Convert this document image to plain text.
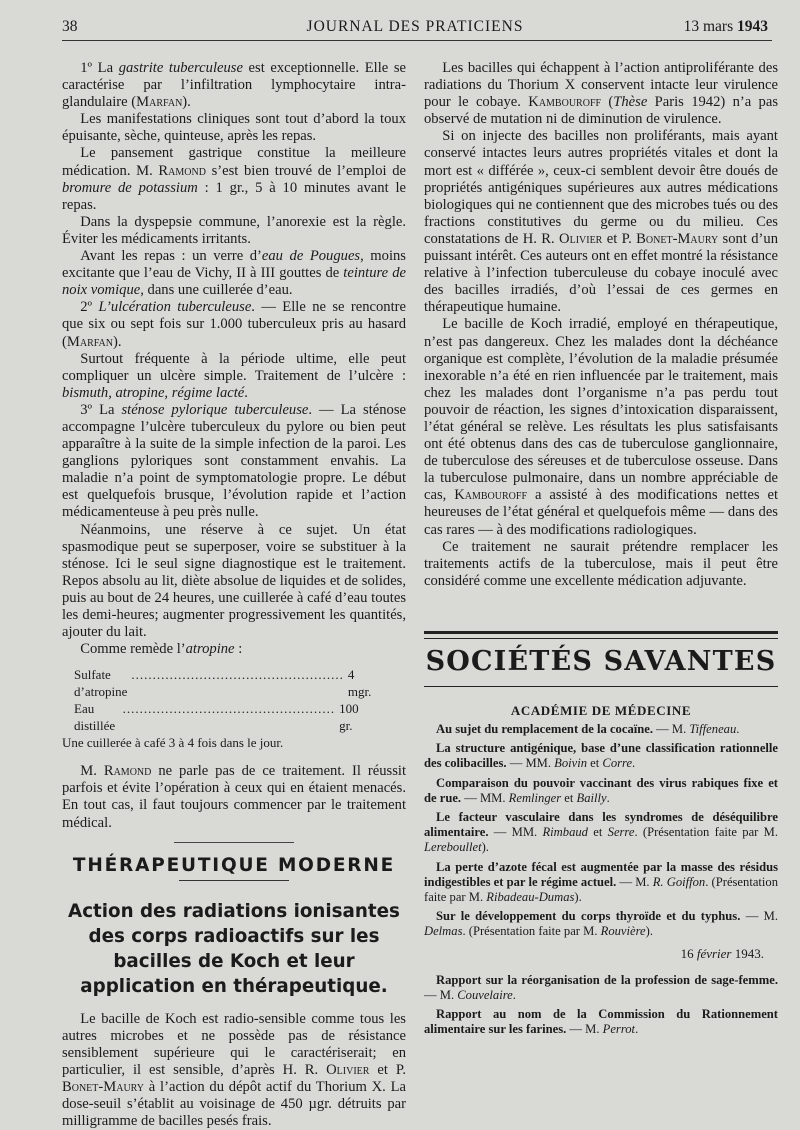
38	JOURNAL DES PRATICIENS	13 mars 1943

1º La gastrite tuberculeuse est exceptionnelle. Elle se caractérise par l’infiltration lymphocytaire intra-glandulaire (Marfan).

Les manifestations cliniques sont tout d’abord la toux épuisante, sèche, quinteuse, après les repas.

Le pansement gastrique constitue la meilleure médication. M. Ramond s’est bien trouvé de l’emploi de bromure de potassium : 1 gr., 5 à 10 minutes avant le repas.

Dans la dyspepsie commune, l’anorexie est la règle. Éviter les médicaments irritants.

Avant les repas : un verre d’eau de Pougues, moins excitante que l’eau de Vichy, II à III gouttes de teinture de noix vomique, dans une cuillerée d’eau.

2º L’ulcération tuberculeuse. — Elle ne se rencontre que six ou sept fois sur 1.000 tuberculeux pris au hasard (Marfan).

Surtout fréquente à la période ultime, elle peut compliquer un ulcère simple. Traitement de l’ulcère : bismuth, atropine, régime lacté.

3º La sténose pylorique tuberculeuse. — La sténose accompagne l’ulcère tuberculeux du pylore ou bien peut apparaître à la suite de la simple infection de la paroi. Les ganglions pyloriques sont constamment envahis. La maladie n’a point de symptomatologie propre. Le début est quelquefois brusque, l’évolution rapide et l’action médicamenteuse à peu près nulle.

Néanmoins, une réserve à ce sujet. Un état spasmodique peut se superposer, voire se substituer à la sténose. Ici le seul signe diagnostique est le traitement. Repos absolu au lit, diète absolue de liquides et de solides, puis au bout de 24 heures, une cuillerée à café d’eau toutes les demi-heures; augmenter progressivement les quantités, ajouter du lait.

Comme remède l’atropine :

Sulfate d’atropine
.................................................. 4 mgr.
Eau distillée
.................................................. 100 gr.
Une cuillerée à café 3 à 4 fois dans le jour.

M. Ramond ne parle pas de ce traitement. Il réussit parfois et évite l’opération à ceux qui en étaient menacés. En tout cas, il faut toujours commencer par le traitement médical.

THÉRAPEUTIQUE MODERNE
Action des radiations ionisantes des corps radioactifs sur les bacilles de Koch et leur application en thérapeutique.

Le bacille de Koch est radio-sensible comme tous les autres microbes et ne possède pas de résistance sensiblement supérieure qui le caractériserait; en particulier, il est sensible, d’après H. R. Olivier et P. Bonet-Maury à l’action du dépôt actif du Thorium X. La dose-seuil s’établit au voisinage de 450 µgr. détruits par milligramme de bacilles pesés frais.

Les bacilles qui échappent à l’action antiproliférante des radiations du Thorium X conservent intacte leur virulence pour le cobaye. Kambouroff (Thèse Paris 1942) n’a pas observé de mutation ni de diminution de virulence.

Si on injecte des bacilles non proliférants, mais ayant conservé intactes leurs autres propriétés vitales et dont la mort est « différée », ceux-ci semblent devoir être doués de propriétés antigéniques supérieures aux autres médications biologiques qui ne contiennent que des microbes tués ou des fractions constitutives du germe ou du milieu. Ces constatations de H. R. Olivier et P. Bonet-Maury sont d’un puissant intérêt. Ces auteurs ont en effet montré la résistance relative à l’infection tuberculeuse du cobaye inoculé avec des bacilles irradiés, d’où l’essai de ces germes en thérapeutique humaine.

Le bacille de Koch irradié, employé en thérapeutique, n’est pas dangereux. Chez les malades dont la déchéance organique est complète, l’évolution de la maladie présumée inexorable n’a été en rien influencée par le traitement, mais chez les malades dont l’organisme n’a pas perdu tout pouvoir de réaction, les signes d’intoxication disparaissent, l’état général se relève. Les résultats les plus satisfaisants ont été obtenus dans des cas de tuberculose ganglionnaire, de tuberculose des séreuses et de tuberculose osseuse. Dans la tuberculose pulmonaire, dans un nombre appréciable de cas, Kambouroff a assisté à des modifications nettes et heureuses de l’état général et quelquefois même — dans des cas rares — à des modifications radiologiques.

Ce traitement ne saurait prétendre remplacer les traitements actifs de la tuberculose, mais il peut être considéré comme une excellente médication adjuvante.

SOCIÉTÉS SAVANTES
ACADÉMIE DE MÉDECINE
Au sujet du remplacement de la cocaïne. — M. Tiffeneau.
La structure antigénique, base d’une classification rationnelle des colibacilles. — MM. Boivin et Corre.
Comparaison du pouvoir vaccinant des virus rabiques fixe et de rue. — MM. Remlinger et Bailly.
Le facteur vasculaire dans les syndromes de déséquilibre alimentaire. — MM. Rimbaud et Serre. (Présentation faite par M. Lereboullet).
La perte d’azote fécal est augmentée par la masse des résidus indigestibles et par le régime actuel. — M. R. Goiffon. (Présentation faite par M. Ribadeau-Dumas).
Sur le développement du corps thyroïde et du typhus. — M. Delmas. (Présentation faite par M. Rouvière).
16 février 1943.
Rapport sur la réorganisation de la profession de sage-femme. — M. Couvelaire.
Rapport au nom de la Commission du Rationnement alimentaire sur les farines. — M. Perrot.
